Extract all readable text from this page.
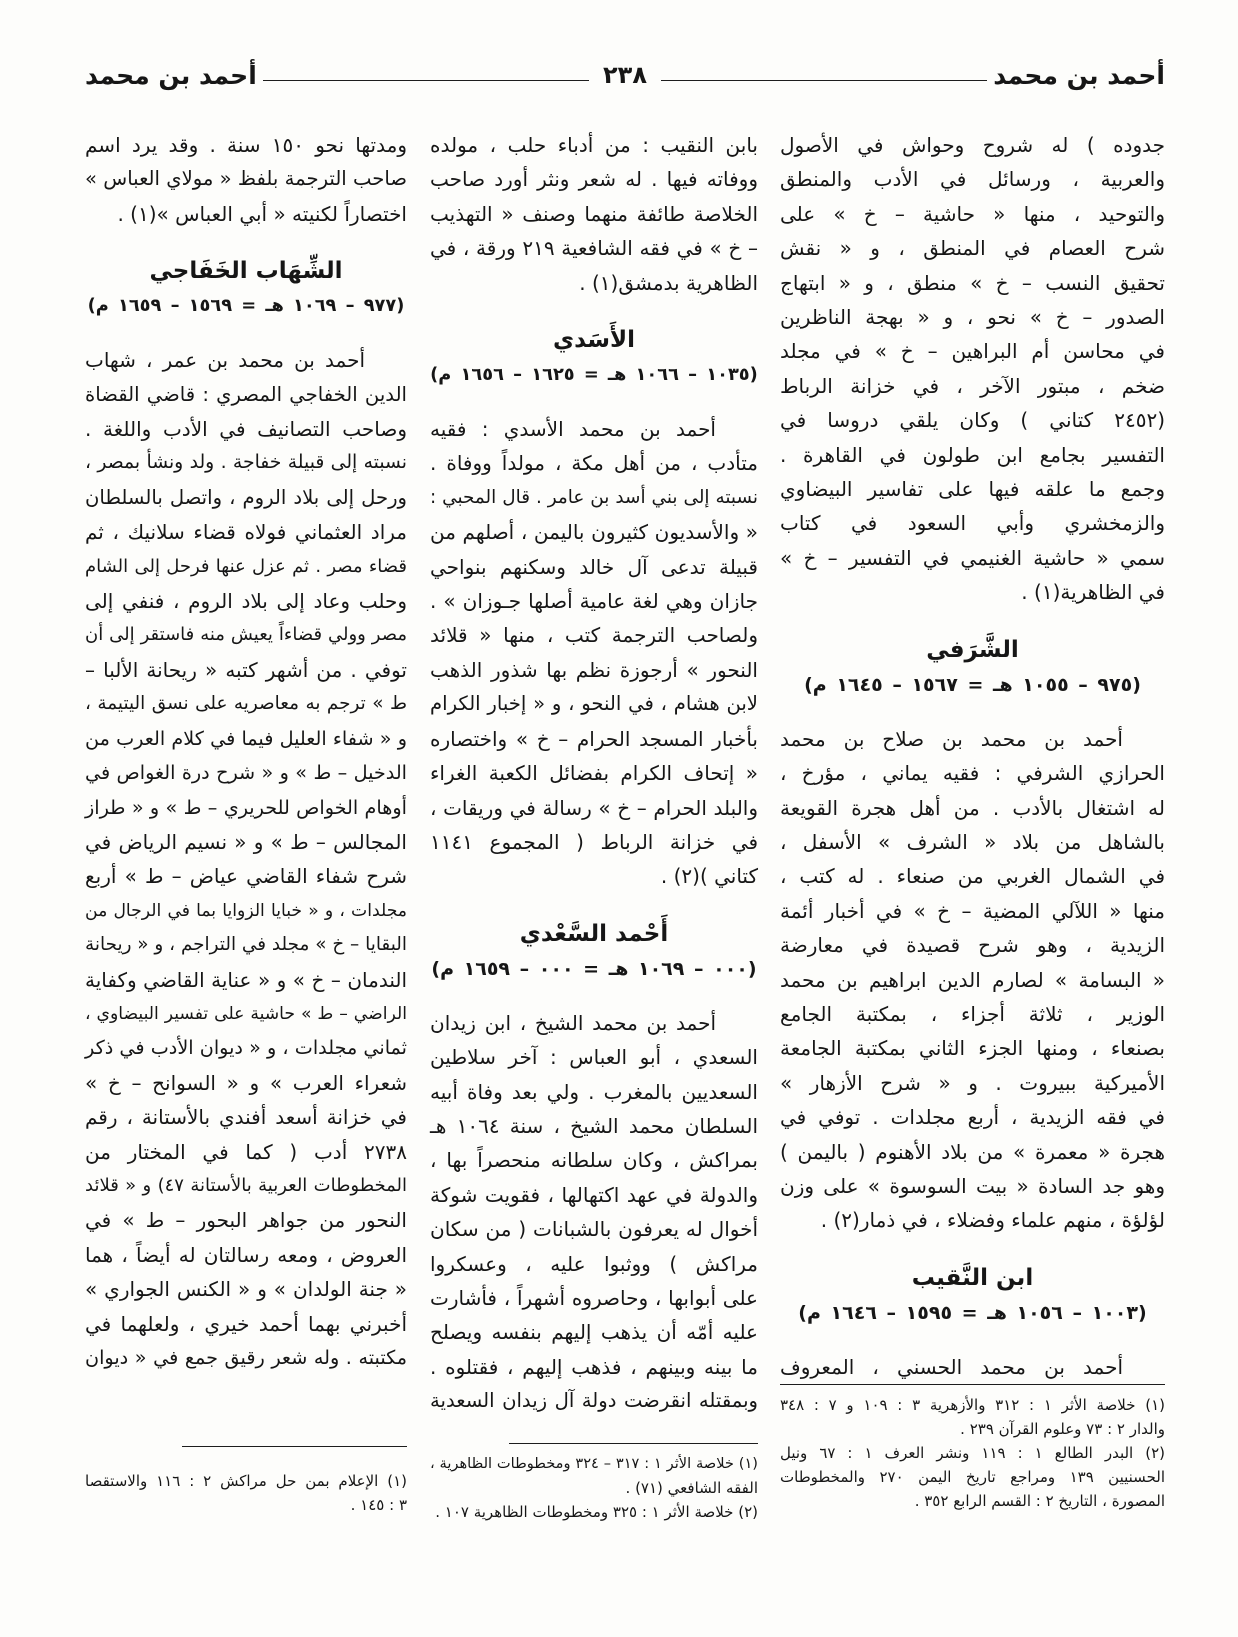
أحمد بن محمد
٢٣٨
أحمد بن محمد
جدوده ) له شروح وحواش في الأصول
والعربية ، ورسائل في الأدب والمنطق
والتوحيد ، منها « حاشية – خ » على
شرح العصام في المنطق ، و « نقش
تحقيق النسب – خ » منطق ، و « ابتهاج
الصدور – خ » نحو ، و « بهجة الناظرين
في محاسن أم البراهين – خ » في مجلد
ضخم ، مبتور الآخر ، في خزانة الرباط
(٢٤٥٢ كتاني ) وكان يلقي دروسا في
التفسير بجامع ابن طولون في القاهرة .
وجمع ما علقه فيها على تفاسير البيضاوي
والزمخشري وأبي السعود في كتاب
سمي « حاشية الغنيمي في التفسير – خ »
في الظاهرية(١) .
الشَّرَفي
(٩٧٥ – ١٠٥٥ هـ = ١٥٦٧ – ١٦٤٥ م)
أحمد بن محمد بن صلاح بن محمد
الحرازي الشرفي : فقيه يماني ، مؤرخ ،
له اشتغال بالأدب . من أهل هجرة القويعة
بالشاهل من بلاد « الشرف » الأسفل ،
في الشمال الغربي من صنعاء . له كتب ،
منها « اللآلي المضية – خ » في أخبار أئمة
الزيدية ، وهو شرح قصيدة في معارضة
« البسامة » لصارم الدين ابراهيم بن محمد
الوزير ، ثلاثة أجزاء ، بمكتبة الجامع
بصنعاء ، ومنها الجزء الثاني بمكتبة الجامعة
الأميركية ببيروت . و « شرح الأزهار »
في فقه الزيدية ، أربع مجلدات . توفي في
هجرة « معمرة » من بلاد الأهنوم ( باليمن )
وهو جد السادة « بيت السوسوة » على وزن
لؤلؤة ، منهم علماء وفضلاء ، في ذمار(٢) .
ابن النَّقيب
(١٠٠٣ – ١٠٥٦ هـ = ١٥٩٥ – ١٦٤٦ م)
أحمد بن محمد الحسني ، المعروف
بابن النقيب : من أدباء حلب ، مولده
ووفاته فيها . له شعر ونثر أورد صاحب
الخلاصة طائفة منهما وصنف « التهذيب
– خ » في فقه الشافعية ٢١٩ ورقة ، في
الظاهرية بدمشق(١) .
الأَسَدي
(١٠٣٥ – ١٠٦٦ هـ = ١٦٢٥ – ١٦٥٦ م)
أحمد بن محمد الأسدي : فقيه
متأدب ، من أهل مكة ، مولداً ووفاة .
نسبته إلى بني أسد بن عامر . قال المحبي :
« والأسديون كثيرون باليمن ، أصلهم من
قبيلة تدعى آل خالد وسكنهم بنواحي
جازان وهي لغة عامية أصلها جـوزان » .
ولصاحب الترجمة كتب ، منها « قلائد
النحور » أرجوزة نظم بها شذور الذهب
لابن هشام ، في النحو ، و « إخبار الكرام
بأخبار المسجد الحرام – خ » واختصاره
« إتحاف الكرام بفضائل الكعبة الغراء
والبلد الحرام – خ » رسالة في وريقات ،
في خزانة الرباط ( المجموع ١١٤١
كتاني )(٢) .
أَحْمد السَّعْدي
(٠٠٠ – ١٠٦٩ هـ = ٠٠٠ – ١٦٥٩ م)
أحمد بن محمد الشيخ ، ابن زيدان
السعدي ، أبو العباس : آخر سلاطين
السعديين بالمغرب . ولي بعد وفاة أبيه
السلطان محمد الشيخ ، سنة ١٠٦٤ هـ
بمراكش ، وكان سلطانه منحصراً بها ،
والدولة في عهد اكتهالها ، فقويت شوكة
أخوال له يعرفون بالشبانات ( من سكان
مراكش ) ووثبوا عليه ، وعسكروا
على أبوابها ، وحاصروه أشهراً ، فأشارت
عليه أمّه أن يذهب إليهم بنفسه ويصلح
ما بينه وبينهم ، فذهب إليهم ، فقتلوه .
وبمقتله انقرضت دولة آل زيدان السعدية
ومدتها نحو ١٥٠ سنة . وقد يرد اسم
صاحب الترجمة بلفظ « مولاي العباس »
اختصاراً لكنيته « أبي العباس »(١) .
الشِّهَاب الخَفَاجي
(٩٧٧ – ١٠٦٩ هـ = ١٥٦٩ – ١٦٥٩ م)
أحمد بن محمد بن عمر ، شهاب
الدين الخفاجي المصري : قاضي القضاة
وصاحب التصانيف في الأدب واللغة .
نسبته إلى قبيلة خفاجة . ولد ونشأ بمصر ،
ورحل إلى بلاد الروم ، واتصل بالسلطان
مراد العثماني فولاه قضاء سلانيك ، ثم
قضاء مصر . ثم عزل عنها فرحل إلى الشام
وحلب وعاد إلى بلاد الروم ، فنفي إلى
مصر وولي قضاءاً يعيش منه فاستقر إلى أن
توفي . من أشهر كتبه « ريحانة الألبا –
ط » ترجم به معاصريه على نسق اليتيمة ،
و « شفاء العليل فيما في كلام العرب من
الدخيل – ط » و « شرح درة الغواص في
أوهام الخواص للحريري – ط » و « طراز
المجالس – ط » و « نسيم الرياض في
شرح شفاء القاضي عياض – ط » أربع
مجلدات ، و « خبايا الزوايا بما في الرجال من
البقايا – خ » مجلد في التراجم ، و « ريحانة
الندمان – خ » و « عناية القاضي وكفاية
الراضي – ط » حاشية على تفسير البيضاوي ،
ثماني مجلدات ، و « ديوان الأدب في ذكر
شعراء العرب » و « السوانح – خ »
في خزانة أسعد أفندي بالأستانة ، رقم
٢٧٣٨ أدب ( كما في المختار من
المخطوطات العربية بالأستانة ٤٧) و « قلائد
النحور من جواهر البحور – ط » في
العروض ، ومعه رسالتان له أيضاً ، هما
« جنة الولدان » و « الكنس الجواري »
أخبرني بهما أحمد خيري ، ولعلهما في
مكتبته . وله شعر رقيق جمع في « ديوان
(١) خلاصة الأثر ١ : ٣١٢ والأزهرية ٣ : ١٠٩ و ٧ : ٣٤٨
والدار ٢ : ٧٣ وعلوم القرآن ٢٣٩ .
(٢) البدر الطالع ١ : ١١٩ ونشر العرف ١ : ٦٧ ونيل
الحسنيين ١٣٩ ومراجع تاريخ اليمن ٢٧٠ والمخطوطات
المصورة ، التاريخ ٢ : القسم الرابع ٣٥٢ .
(١) خلاصة الأثر ١ : ٣١٧ – ٣٢٤ ومخطوطات الظاهرية ،
الفقه الشافعي (٧١) .
(٢) خلاصة الأثر ١ : ٣٢٥ ومخطوطات الظاهرية ١٠٧ .
(١) الإعلام بمن حل مراكش ٢ : ١١٦ والاستقصا
٣ : ١٤٥ .
